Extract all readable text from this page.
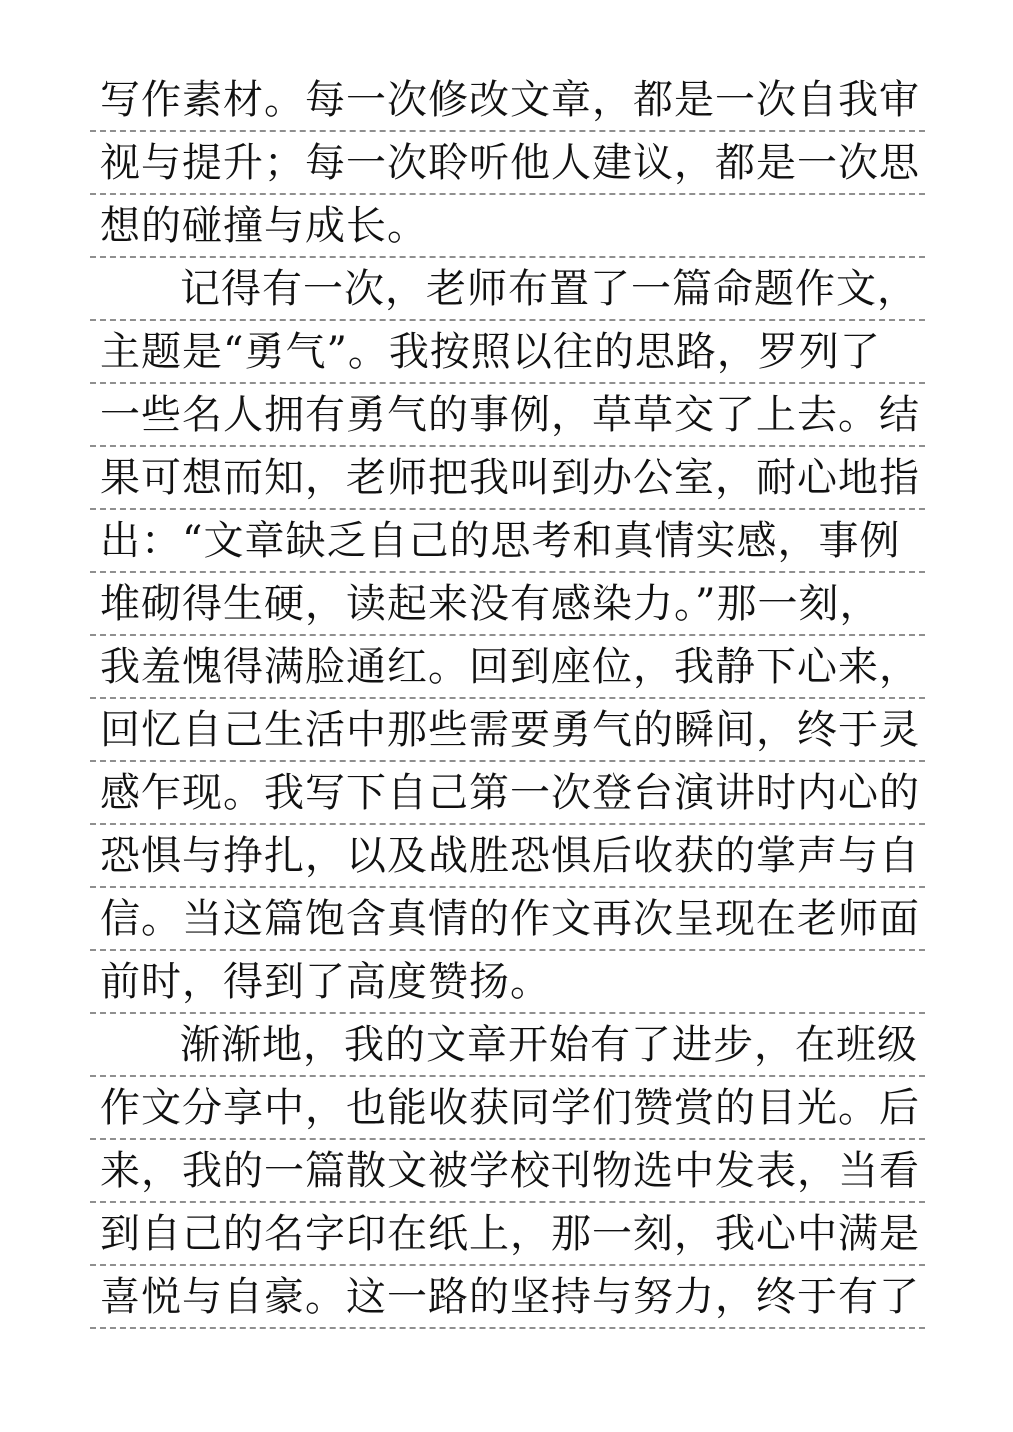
写作素材。每一次修改文章，都是一次自我审
视与提升；每一次聆听他人建议，都是一次思
想的碰撞与成长。
记得有一次，老师布置了一篇命题作文，
主题是“勇气”。我按照以往的思路，罗列了
一些名人拥有勇气的事例，草草交了上去。结
果可想而知，老师把我叫到办公室，耐心地指
出：“文章缺乏自己的思考和真情实感，事例
堆砌得生硬，读起来没有感染力。”那一刻，
我羞愧得满脸通红。回到座位，我静下心来，
回忆自己生活中那些需要勇气的瞬间，终于灵
感乍现。我写下自己第一次登台演讲时内心的
恐惧与挣扎，以及战胜恐惧后收获的掌声与自
信。当这篇饱含真情的作文再次呈现在老师面
前时，得到了高度赞扬。
渐渐地，我的文章开始有了进步，在班级
作文分享中，也能收获同学们赞赏的目光。后
来，我的一篇散文被学校刊物选中发表，当看
到自己的名字印在纸上，那一刻，我心中满是
喜悦与自豪。这一路的坚持与努力，终于有了
